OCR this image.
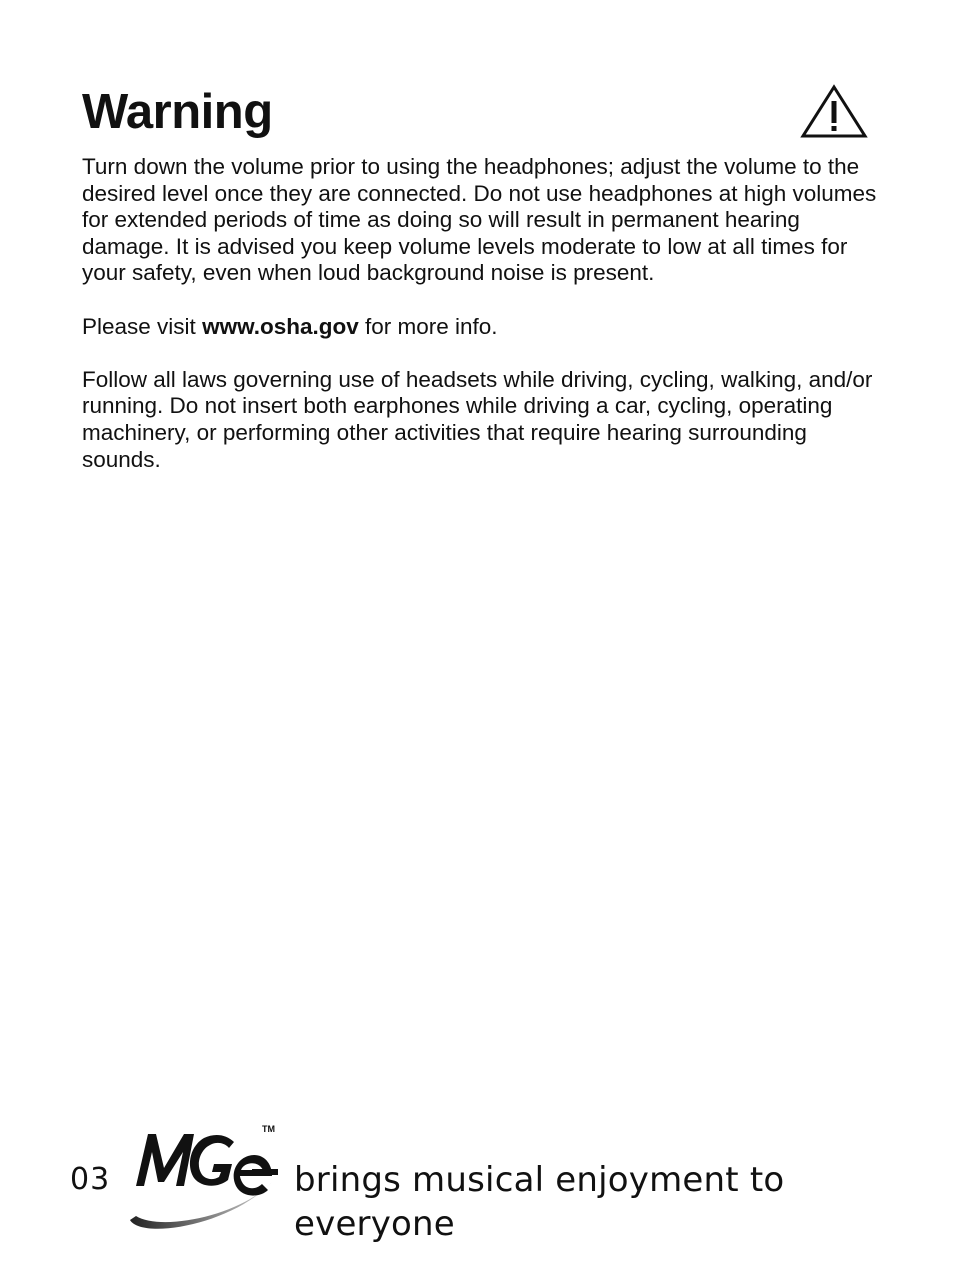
Warning

Turn down the volume prior to using the headphones; adjust the volume to the desired level once they are connected. Do not use headphones at high volumes for extended periods of time as doing so will result in permanent hearing damage. It is advised you keep volume levels moderate to low at all times for your safety, even when loud background noise is present.

Please visit www.osha.gov for more info.

Follow all laws governing use of headsets while driving, cycling, walking, and/or running. Do not insert both earphones while driving a car, cycling, operating machinery, or performing other activities that require hearing surrounding sounds.

03
TM
brings musical enjoyment to everyone
